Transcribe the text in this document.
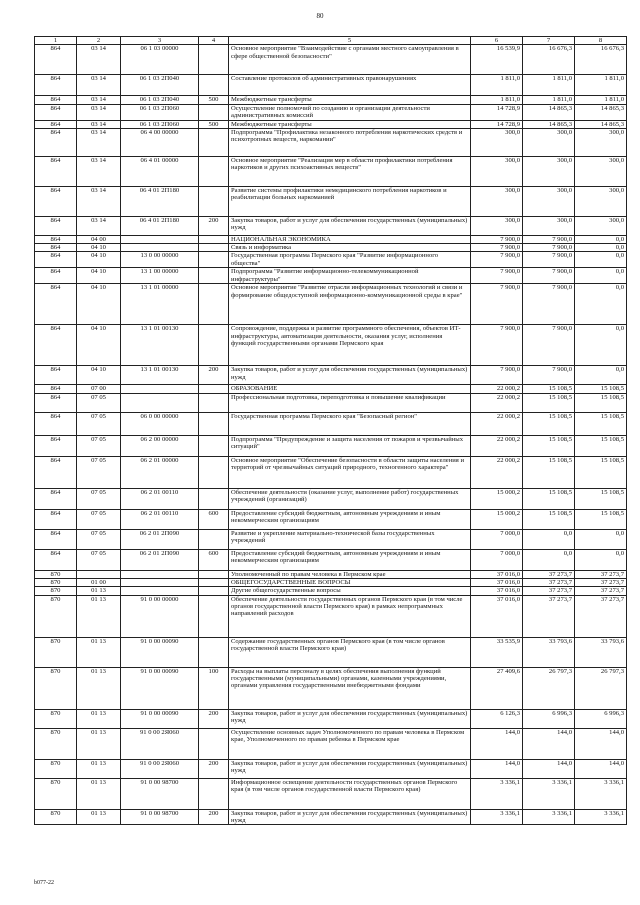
80
1	2	3	4	5	6	7	8
864	03 14	06 1 03 00000		Основное мероприятие "Взаимодействие с органами местного самоуправления в сфере общественной безопасности"	16 539,9	16 676,3	16 676,3
864	03 14	06 1 03 2П040		Составление протоколов об административных правонарушениях	1 811,0	1 811,0	1 811,0
864	03 14	06 1 03 2П040	500	Межбюджетные трансферты	1 811,0	1 811,0	1 811,0
864	03 14	06 1 03 2П060		Осуществление полномочий по созданию и организации деятельности административных комиссий	14 728,9	14 865,3	14 865,3
864	03 14	06 1 03 2П060	500	Межбюджетные трансферты	14 728,9	14 865,3	14 865,3
864	03 14	06 4 00 00000		Подпрограмма "Профилактика незаконного потребления наркотических средств и психотропных веществ, наркомании"	300,0	300,0	300,0
864	03 14	06 4 01 00000		Основное мероприятие "Реализация мер в области профилактики потребления наркотиков и других психоактивных веществ"	300,0	300,0	300,0
864	03 14	06 4 01 2П180		Развитие системы профилактики немедицинского потребления наркотиков и реабилитации больных наркоманией	300,0	300,0	300,0
864	03 14	06 4 01 2П180	200	Закупка товаров, работ и услуг для обеспечения государственных (муниципальных) нужд	300,0	300,0	300,0
864	04 00			НАЦИОНАЛЬНАЯ ЭКОНОМИКА	7 900,0	7 900,0	0,0
864	04 10			Связь и информатика	7 900,0	7 900,0	0,0
864	04 10	13 0 00 00000		Государственная программа Пермского края "Развитие информационного общества"	7 900,0	7 900,0	0,0
864	04 10	13 1 00 00000		Подпрограмма "Развитие информационно-телекоммуникационной инфраструктуры"	7 900,0	7 900,0	0,0
864	04 10	13 1 01 00000		Основное мероприятие "Развитие отрасли информационных технологий и связи и формирование общедоступной информационно-коммуникационной среды в крае"	7 900,0	7 900,0	0,0
864	04 10	13 1 01 00130		Сопровождение, поддержка и развитие программного обеспечения, объектов ИТ-инфраструктуры, автоматизация деятельности, оказания услуг, исполнения функций государственными органами Пермского края	7 900,0	7 900,0	0,0
864	04 10	13 1 01 00130	200	Закупка товаров, работ и услуг для обеспечения государственных (муниципальных) нужд	7 900,0	7 900,0	0,0
864	07 00			ОБРАЗОВАНИЕ	22 000,2	15 108,5	15 108,5
864	07 05			Профессиональная подготовка, переподготовка и повышение квалификации	22 000,2	15 108,5	15 108,5
864	07 05	06 0 00 00000		Государственная программа Пермского края "Безопасный регион"	22 000,2	15 108,5	15 108,5
864	07 05	06 2 00 00000		Подпрограмма "Предупреждение и защита населения от пожаров и чрезвычайных ситуаций"	22 000,2	15 108,5	15 108,5
864	07 05	06 2 01 00000		Основное мероприятие "Обеспечение безопасности в области защиты населения и территорий от чрезвычайных ситуаций природного, техногенного характера"	22 000,2	15 108,5	15 108,5
864	07 05	06 2 01 00110		Обеспечение деятельности (оказание услуг, выполнение работ) государственных учреждений (организаций)	15 000,2	15 108,5	15 108,5
864	07 05	06 2 01 00110	600	Предоставление субсидий бюджетным, автономным учреждениям и иным некоммерческим организациям	15 000,2	15 108,5	15 108,5
864	07 05	06 2 01 2П090		Развитие и укрепление материально-технической базы государственных учреждений	7 000,0	0,0	0,0
864	07 05	06 2 01 2П090	600	Предоставление субсидий бюджетным, автономным учреждениям и иным некоммерческим организациям	7 000,0	0,0	0,0
870				Уполномоченный по правам человека в Пермском крае	37 016,0	37 273,7	37 273,7
870	01 00			ОБЩЕГОСУДАРСТВЕННЫЕ ВОПРОСЫ	37 016,0	37 273,7	37 273,7
870	01 13			Другие общегосударственные вопросы	37 016,0	37 273,7	37 273,7
870	01 13	91 0 00 00000		Обеспечение деятельности государственных органов Пермского края (в том числе органов государственной власти Пермского края) в рамках непрограммных направлений расходов	37 016,0	37 273,7	37 273,7
870	01 13	91 0 00 00090		Содержание государственных органов Пермского края (в том числе органов государственной власти Пермского края)	33 535,9	33 793,6	33 793,6
870	01 13	91 0 00 00090	100	Расходы на выплаты персоналу в целях обеспечения выполнения функций государственными (муниципальными) органами, казенными учреждениями, органами управления государственными внебюджетными фондами	27 409,6	26 797,3	26 797,3
870	01 13	91 0 00 00090	200	Закупка товаров, работ и услуг для обеспечения государственных (муниципальных) нужд	6 126,3	6 996,3	6 996,3
870	01 13	91 0 00 2Я060		Осуществление основных задач Уполномоченного по правам человека в Пермском крае, Уполномоченного по правам ребенка в Пермском крае	144,0	144,0	144,0
870	01 13	91 0 00 2Я060	200	Закупка товаров, работ и услуг для обеспечения государственных (муниципальных) нужд	144,0	144,0	144,0
870	01 13	91 0 00 98700		Информационное освещение деятельности государственных органов Пермского края (в том числе органов государственной власти Пермского края)	3 336,1	3 336,1	3 336,1
870	01 13	91 0 00 98700	200	Закупка товаров, работ и услуг для обеспечения государственных (муниципальных) нужд	3 336,1	3 336,1	3 336,1
b077-22
